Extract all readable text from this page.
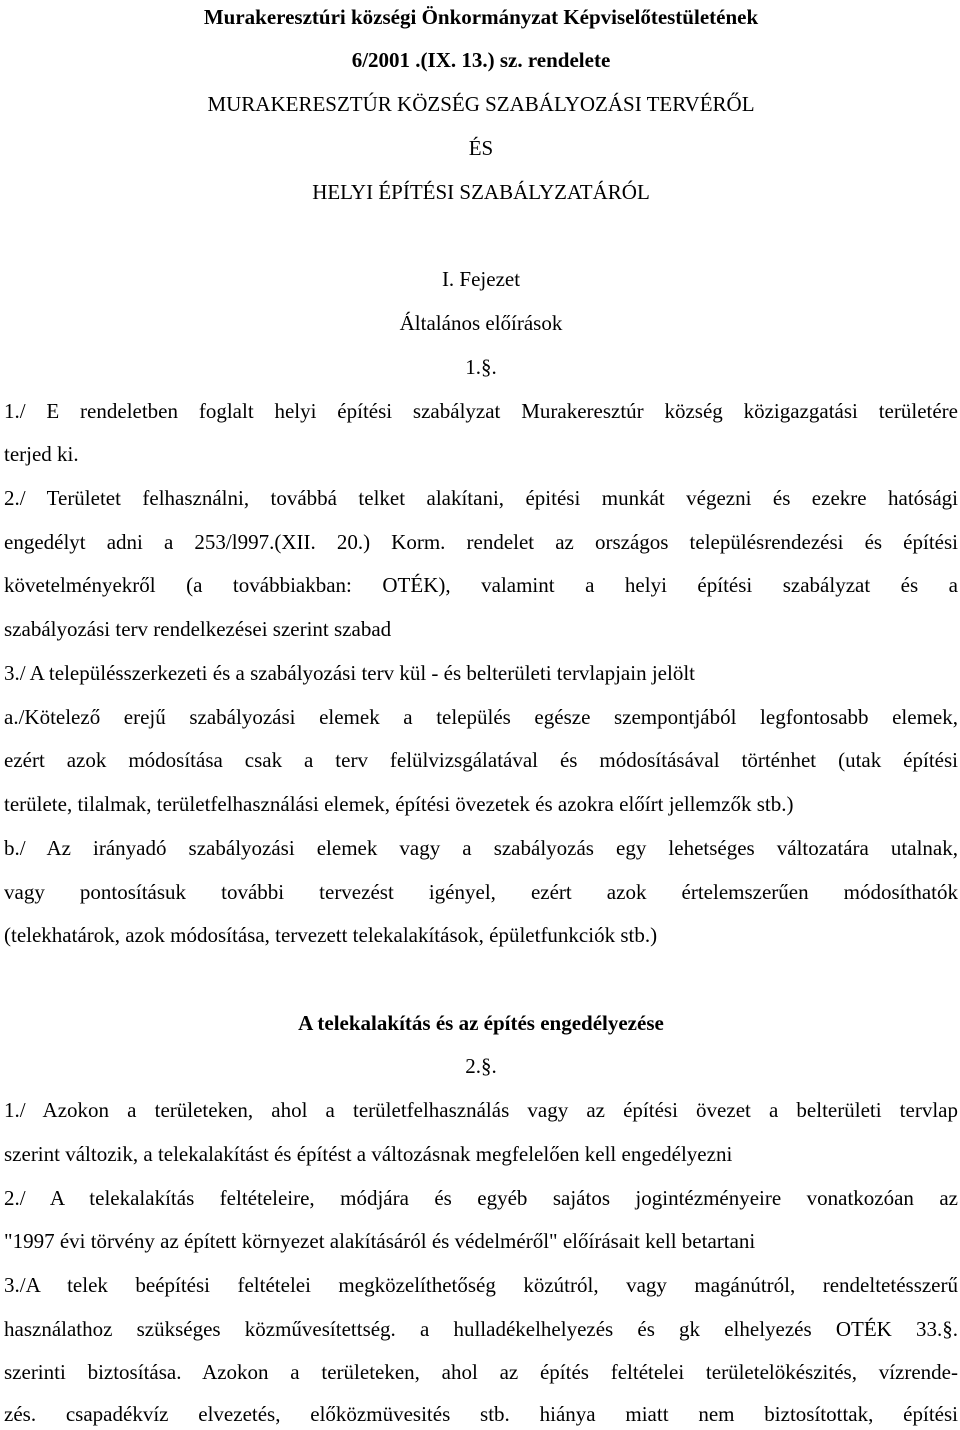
Murakeresztúri községi Önkormányzat Képviselőtestületének
6/2001 .(IX. 13.) sz. rendelete
MURAKERESZTÚR KÖZSÉG SZABÁLYOZÁSI TERVÉRŐL
ÉS
HELYI ÉPÍTÉSI SZABÁLYZATÁRÓL
I. Fejezet
Általános előírások
1.§.
1./ E rendeletben foglalt helyi építési szabályzat Murakeresztúr község közigazgatási területére
terjed ki.
2./ Területet felhasználni, továbbá telket alakítani, épitési munkát végezni és ezekre hatósági
engedélyt adni a 253/l997.(XII. 20.) Korm. rendelet az országos településrendezési és építési
követelményekről (a továbbiakban: OTÉK), valamint a helyi építési szabályzat és a
szabályozási terv rendelkezései szerint szabad
3./ A településszerkezeti és a szabályozási terv kül - és belterületi tervlapjain jelölt
a./Kötelező erejű szabályozási elemek a település egésze szempontjából legfontosabb elemek,
ezért azok módosítása csak a terv felülvizsgálatával és módosításával történhet (utak építési
területe, tilalmak, területfelhasználási elemek, építési övezetek és azokra előírt jellemzők stb.)
b./ Az irányadó szabályozási elemek vagy a szabályozás egy lehetséges változatára utalnak,
vagy pontosításuk további tervezést igényel, ezért azok értelemszerűen módosíthatók
(telekhatárok, azok módosítása, tervezett telekalakítások, épületfunkciók stb.)
A telekalakítás és az építés engedélyezése
2.§.
1./ Azokon a területeken, ahol a területfelhasználás vagy az építési övezet a belterületi tervlap
szerint változik, a telekalakítást és építést a változásnak megfelelően kell engedélyezni
2./ A telekalakítás feltételeire, módjára és egyéb sajátos jogintézményeire vonatkozóan az
"1997 évi törvény az épített környezet alakításáról és védelméről" előírásait kell betartani
3./A telek beépítési feltételei megközelíthetőség közútról, vagy magánútról, rendeltetésszerű
használathoz szükséges közművesítettség. a hulladékelhelyezés és gk elhelyezés OTÉK 33.§.
szerinti biztosítása. Azokon a területeken, ahol az építés feltételei területelökészités, vízrende-
zés. csapadékvíz elvezetés, előközmüvesités stb. hiánya miatt nem biztosítottak, építési
